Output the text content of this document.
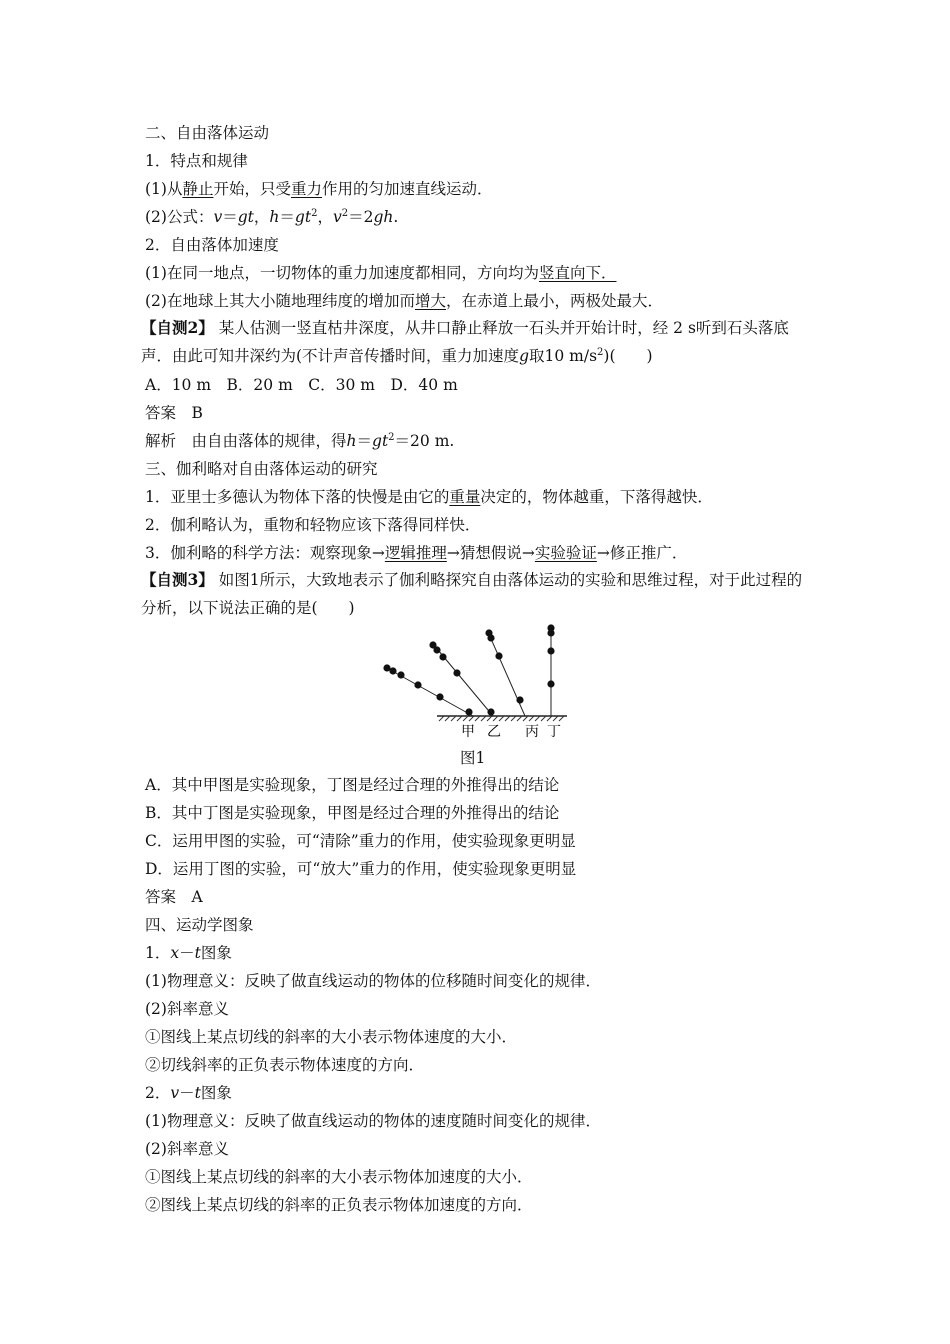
二、自由落体运动
1．特点和规律
(1)从静止开始，只受重力作用的匀加速直线运动．
(2)公式：v＝gt，$h=gt^2$，$v^2=2gh$.
2．自由落体加速度
(1)在同一地点，一切物体的重力加速度都相同，方向均为竖直向下．
(2)在地球上其大小随地理纬度的增加而增大，在赤道上最小，两极处最大．
【自测2】 某人估测一竖直枯井深度，从井口静止释放一石头并开始计时，经 2 s听到石头落底声．由此可知井深约为(不计声音传播时间，重力加速度g取10 $m/s^2$)(　　)
A．10 m　B．20 m　C．30 m　D．40 m
答案　B
解析　由自由落体的规律，得$h=gt^2=20$ m.
三、伽利略对自由落体运动的研究
1．亚里士多德认为物体下落的快慢是由它的重量决定的，物体越重，下落得越快．
2．伽利略认为，重物和轻物应该下落得同样快．
3．伽利略的科学方法：观察现象→逻辑推理→猜想假说→实验验证→修正推广．
【自测3】 如图1所示，大致地表示了伽利略探究自由落体运动的实验和思维过程，对于此过程的分析，以下说法正确的是(　　)
甲 乙 丙 丁
图1
A．其中甲图是实验现象，丁图是经过合理的外推得出的结论
B．其中丁图是实验现象，甲图是经过合理的外推得出的结论
C．运用甲图的实验，可“清除”重力的作用，使实验现象更明显
D．运用丁图的实验，可“放大”重力的作用，使实验现象更明显
答案　A
四、运动学图象
1．x－t图象
(1)物理意义：反映了做直线运动的物体的位移随时间变化的规律．
(2)斜率意义
①图线上某点切线的斜率的大小表示物体速度的大小．
②切线斜率的正负表示物体速度的方向．
2．v－t图象
(1)物理意义：反映了做直线运动的物体的速度随时间变化的规律．
(2)斜率意义
①图线上某点切线的斜率的大小表示物体加速度的大小．
②图线上某点切线的斜率的正负表示物体加速度的方向．
